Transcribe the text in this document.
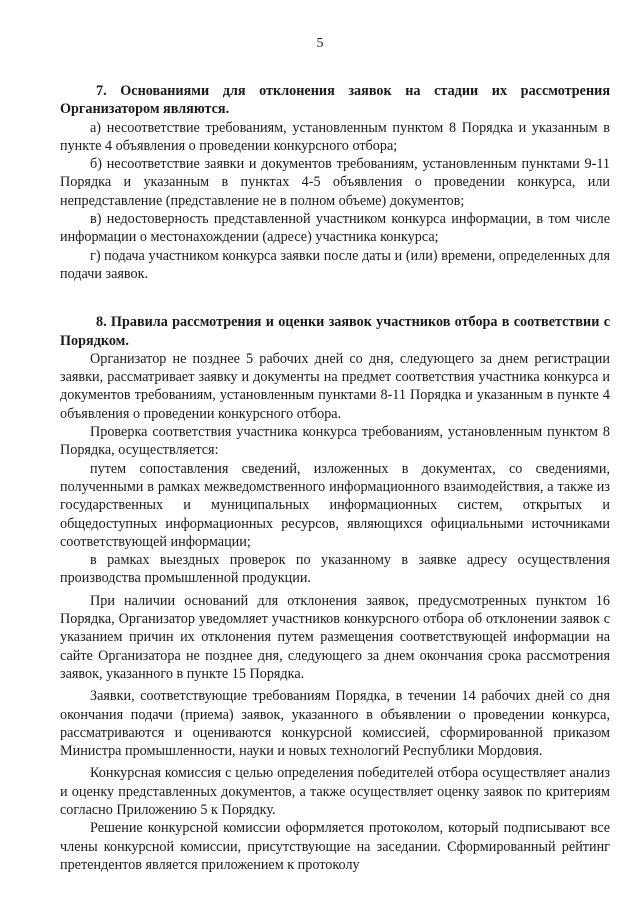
5

7. Основаниями для отклонения заявок на стадии их рассмотрения Организатором являются.

а) несоответствие требованиям, установленным пунктом 8 Порядка и указанным в пункте 4 объявления о проведении конкурсного отбора;

б) несоответствие заявки и документов требованиям, установленным пунктами 9-11 Порядка и указанным в пунктах 4-5 объявления о проведении конкурса, или непредставление (представление не в полном объеме) документов;

в) недостоверность представленной участником конкурса информации, в том числе информации о местонахождении (адресе) участника конкурса;

г) подача участником конкурса заявки после даты и (или) времени, определенных для подачи заявок.

8. Правила рассмотрения и оценки заявок участников отбора в соответствии с Порядком.

Организатор не позднее 5 рабочих дней со дня, следующего за днем регистрации заявки, рассматривает заявку и документы на предмет соответствия участника конкурса и документов требованиям, установленным пунктами 8-11 Порядка и указанным в пункте 4 объявления о проведении конкурсного отбора.

Проверка соответствия участника конкурса требованиям, установленным пунктом 8 Порядка, осуществляется:

путем сопоставления сведений, изложенных в документах, со сведениями, полученными в рамках межведомственного информационного взаимодействия, а также из государственных и муниципальных информационных систем, открытых и общедоступных информационных ресурсов, являющихся официальными источниками соответствующей информации;

в рамках выездных проверок по указанному в заявке адресу осуществления производства промышленной продукции.

При наличии оснований для отклонения заявок, предусмотренных пунктом 16 Порядка, Организатор уведомляет участников конкурсного отбора об отклонении заявок с указанием причин их отклонения путем размещения соответствующей информации на сайте Организатора не позднее дня, следующего за днем окончания срока рассмотрения заявок, указанного в пункте 15 Порядка.

Заявки, соответствующие требованиям Порядка, в течении 14 рабочих дней со дня окончания подачи (приема) заявок, указанного в объявлении о проведении конкурса, рассматриваются и оцениваются конкурсной комиссией, сформированной приказом Министра промышленности, науки и новых технологий Республики Мордовия.

Конкурсная комиссия с целью определения победителей отбора осуществляет анализ и оценку представленных документов, а также осуществляет оценку заявок по критериям согласно Приложению 5 к Порядку.

Решение конкурсной комиссии оформляется протоколом, который подписывают все члены конкурсной комиссии, присутствующие на заседании. Сформированный рейтинг претендентов является приложением к протоколу
